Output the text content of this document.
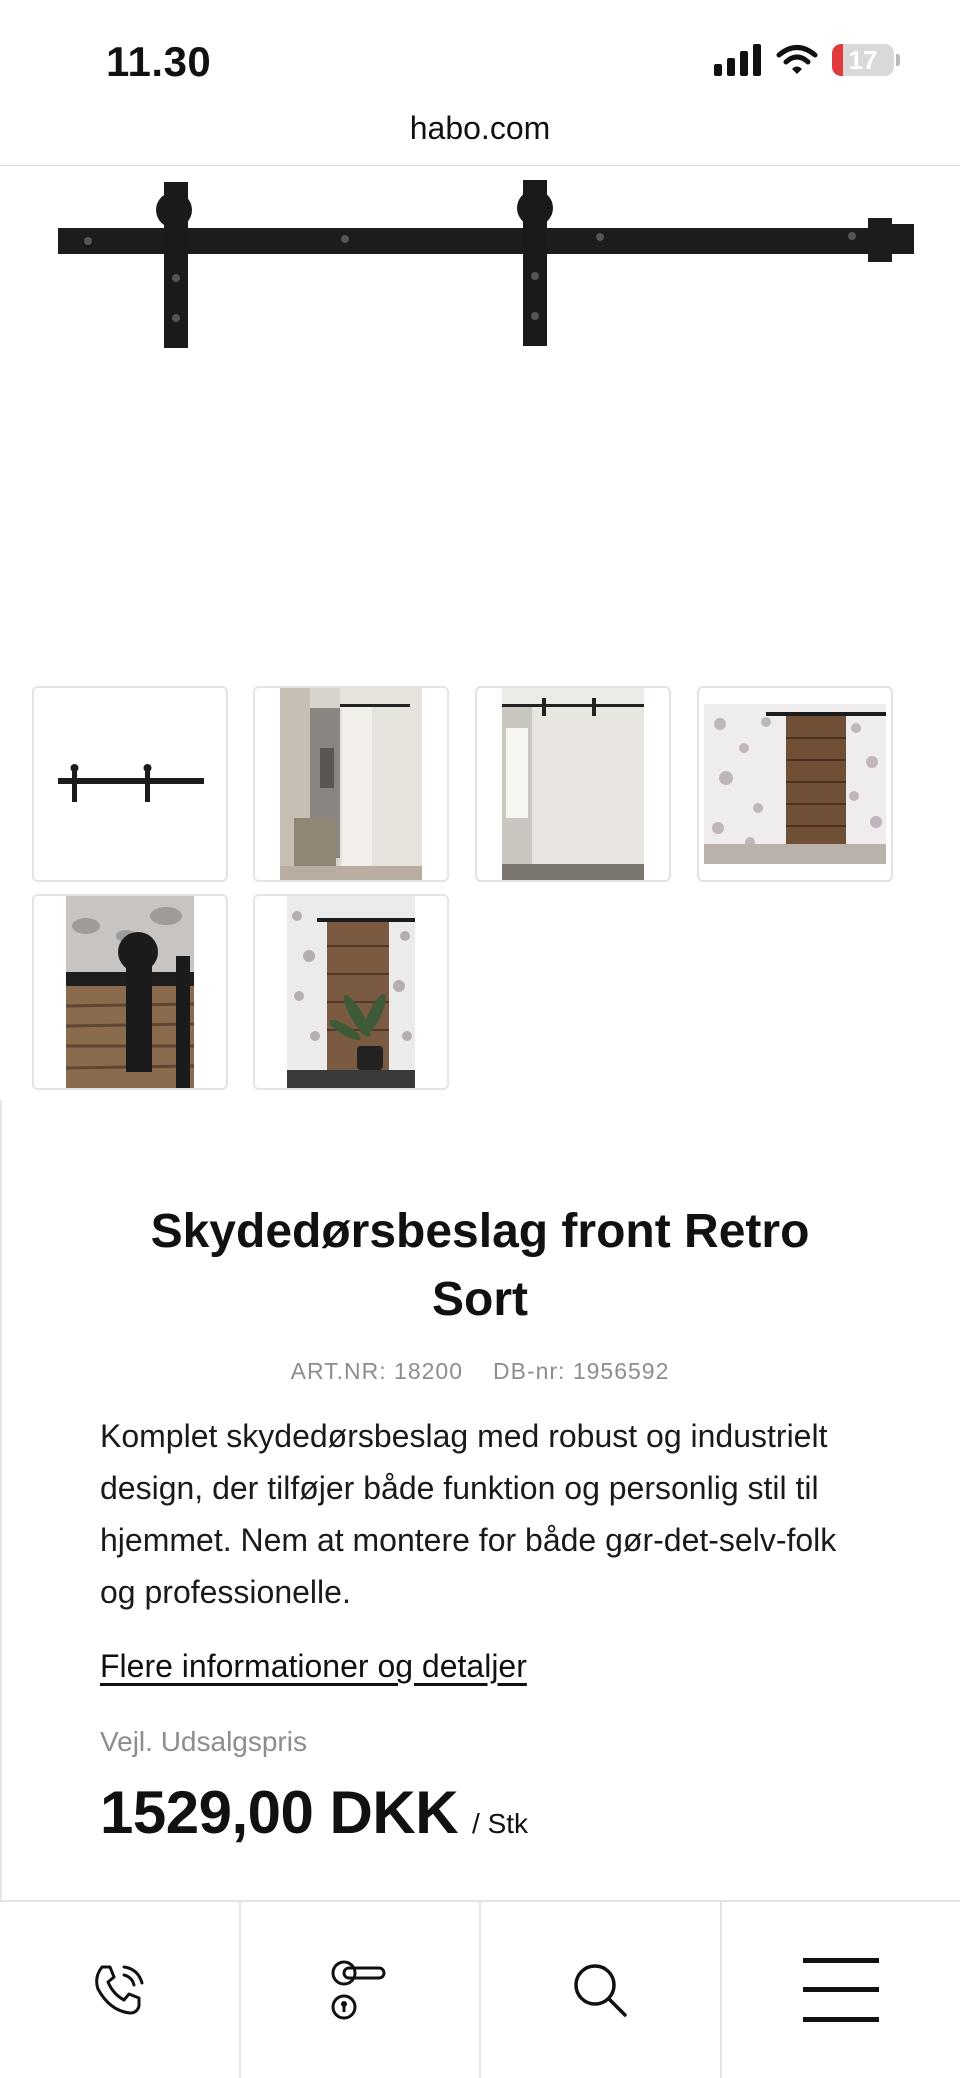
11.30	17
habo.com
Skydedørsbeslag front Retro Sort
ART.NR: 18200 DB-nr: 1956592

Komplet skydedørsbeslag med robust og industrielt design, der tilføjer både funktion og personlig stil til hjemmet. Nem at montere for både gør-det-selv-folk og professionelle.

Flere informationer og detaljer
Vejl. Udsalgspris
1529,00 DKK / Stk
